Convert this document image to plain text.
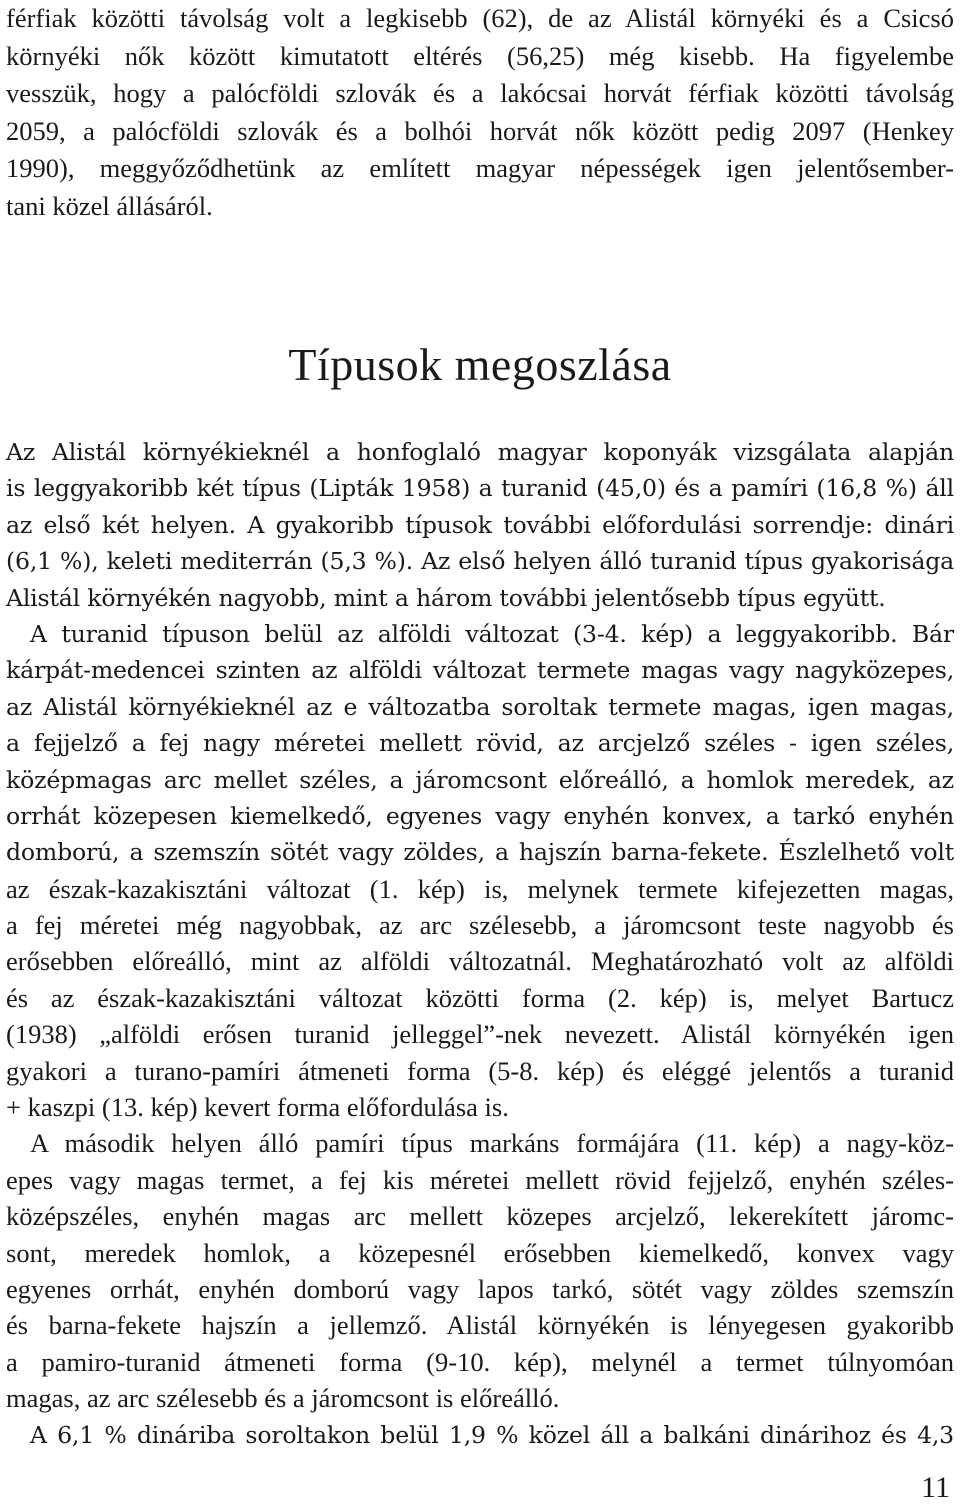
férfiak közötti távolság volt a legkisebb (62), de az Alistál környéki és a Csicsó
környéki nők között kimutatott eltérés (56,25) még kisebb. Ha figyelembe
vesszük, hogy a palócföldi szlovák és a lakócsai horvát férfiak közötti távolság
2059, a palócföldi szlovák és a bolhói horvát nők között pedig 2097 (Henkey
1990), meggyőződhetünk az említett magyar népességek igen jelentősember-
tani közel állásáról.
Típusok megoszlása
Az Alistál környékieknél a honfoglaló magyar koponyák vizsgálata alapján
is leggyakoribb két típus (Lipták 1958) a turanid (45,0) és a pamíri (16,8 %) áll
az első két helyen. A gyakoribb típusok további előfordulási sorrendje: dinári
(6,1 %), keleti mediterrán (5,3 %). Az első helyen álló turanid típus gyakorisága
Alistál környékén nagyobb, mint a három további jelentősebb típus együtt.
A turanid típuson belül az alföldi változat (3-4. kép) a leggyakoribb. Bár
kárpát-medencei szinten az alföldi változat termete magas vagy nagyközepes,
az Alistál környékieknél az e változatba soroltak termete magas, igen magas,
a fejjelző a fej nagy méretei mellett rövid, az arcjelző széles - igen széles,
középmagas arc mellet széles, a járomcsont előreálló, a homlok meredek, az
orrhát közepesen kiemelkedő, egyenes vagy enyhén konvex, a tarkó enyhén
domború, a szemszín sötét vagy zöldes, a hajszín barna-fekete. Észlelhető volt
az észak-kazakisztáni változat (1. kép) is, melynek termete kifejezetten magas,
a fej méretei még nagyobbak, az arc szélesebb, a járomcsont teste nagyobb és
erősebben előreálló, mint az alföldi változatnál. Meghatározható volt az alföldi
és az észak-kazakisztáni változat közötti forma (2. kép) is, melyet Bartucz
(1938) „alföldi erősen turanid jelleggel”-nek nevezett. Alistál környékén igen
gyakori a turano-pamíri átmeneti forma (5-8. kép) és eléggé jelentős a turanid
+ kaszpi (13. kép) kevert forma előfordulása is.
A második helyen álló pamíri típus markáns formájára (11. kép) a nagy-köz-
epes vagy magas termet, a fej kis méretei mellett rövid fejjelző, enyhén széles-
középszéles, enyhén magas arc mellett közepes arcjelző, lekerekített járomc-
sont, meredek homlok, a közepesnél erősebben kiemelkedő, konvex vagy
egyenes orrhát, enyhén domború vagy lapos tarkó, sötét vagy zöldes szemszín
és barna-fekete hajszín a jellemző. Alistál környékén is lényegesen gyakoribb
a pamiro-turanid átmeneti forma (9-10. kép), melynél a termet túlnyomóan
magas, az arc szélesebb és a járomcsont is előreálló.
A 6,1 % dináriba soroltakon belül 1,9 % közel áll a balkáni dinárihoz és 4,3
11
